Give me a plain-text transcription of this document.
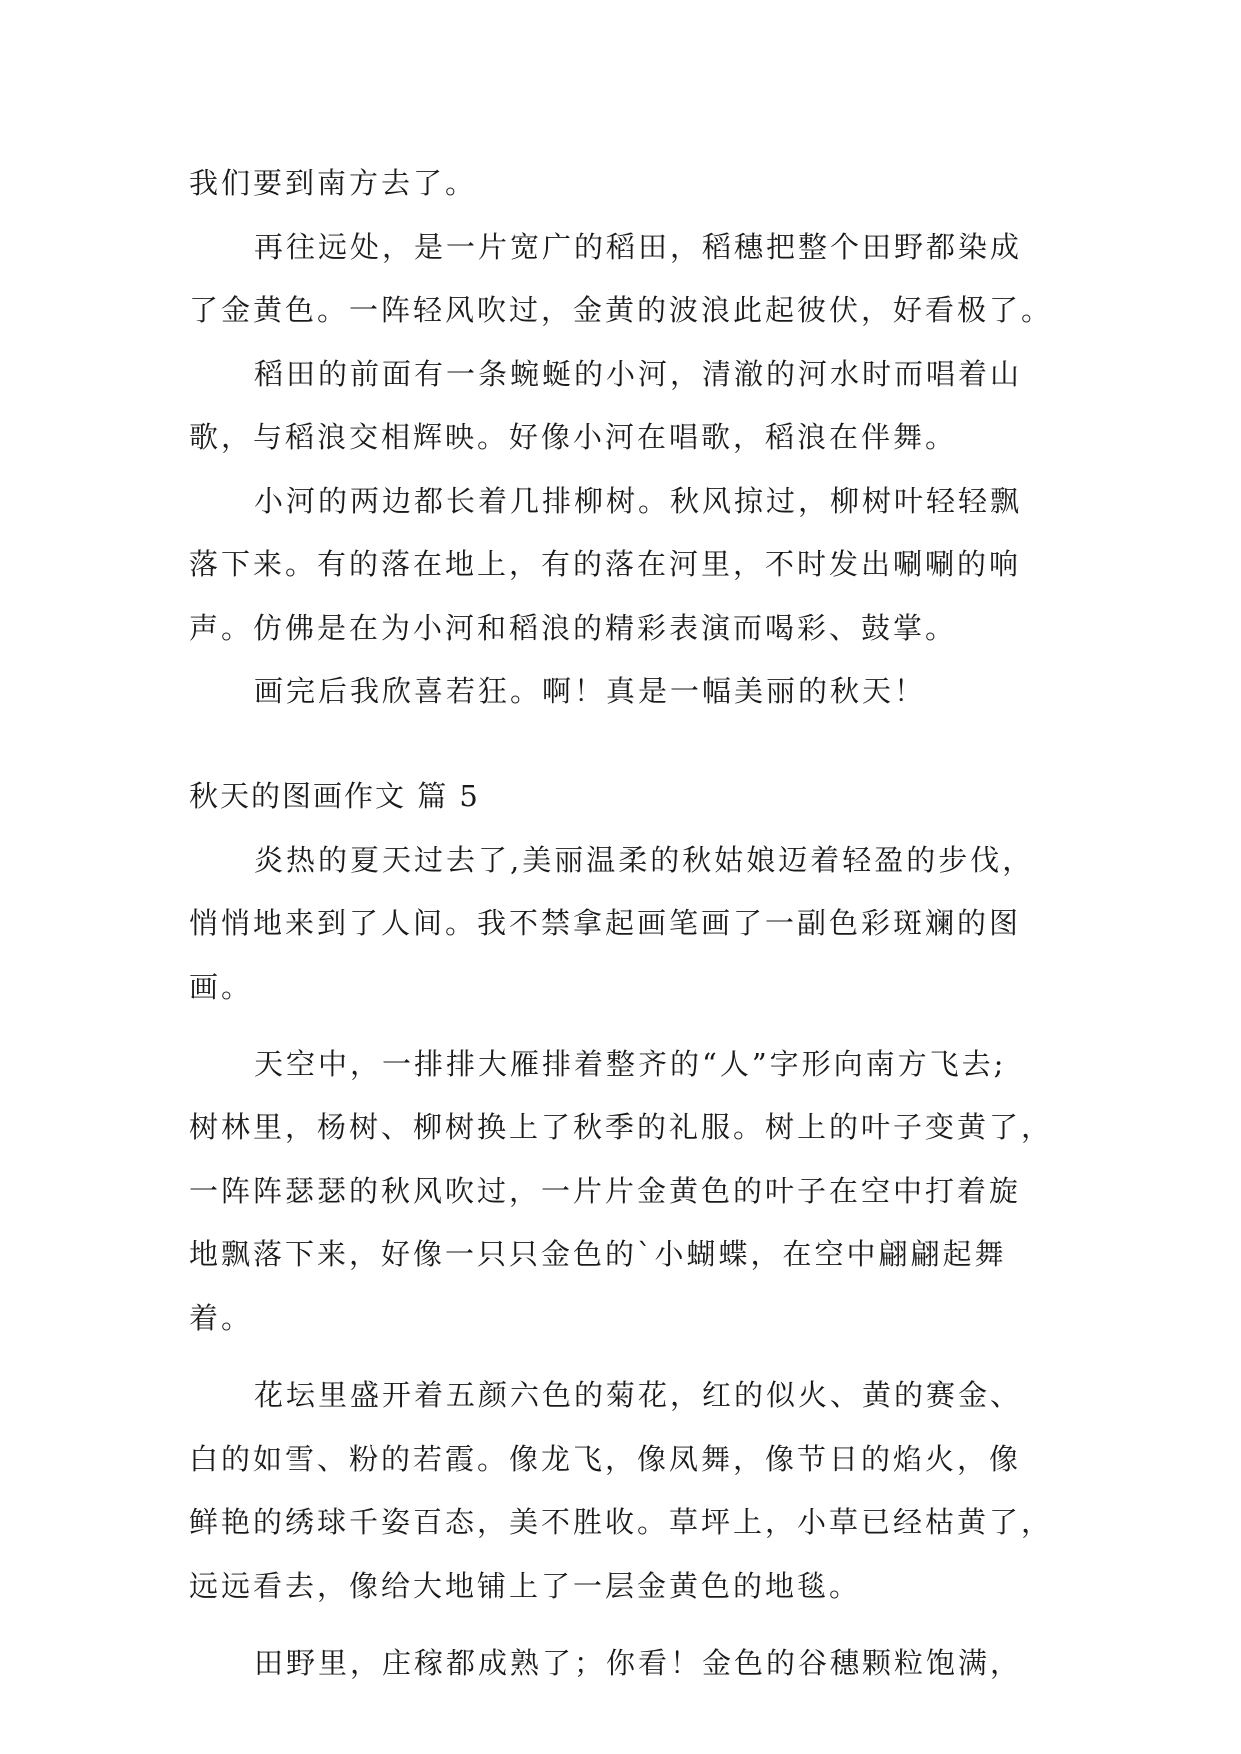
我们要到南方去了。
再往远处，是一片宽广的稻田，稻穗把整个田野都染成
了金黄色。一阵轻风吹过，金黄的波浪此起彼伏，好看极了。
稻田的前面有一条蜿蜒的小河，清澈的河水时而唱着山
歌，与稻浪交相辉映。好像小河在唱歌，稻浪在伴舞。
小河的两边都长着几排柳树。秋风掠过，柳树叶轻轻飘
落下来。有的落在地上，有的落在河里，不时发出唰唰的响
声。仿佛是在为小河和稻浪的精彩表演而喝彩、鼓掌。
画完后我欣喜若狂。啊！真是一幅美丽的秋天！
秋天的图画作文 篇 5
炎热的夏天过去了,美丽温柔的秋姑娘迈着轻盈的步伐，
悄悄地来到了人间。我不禁拿起画笔画了一副色彩斑斓的图
画。
天空中，一排排大雁排着整齐的“人”字形向南方飞去;
树林里，杨树、柳树换上了秋季的礼服。树上的叶子变黄了，
一阵阵瑟瑟的秋风吹过，一片片金黄色的叶子在空中打着旋
地飘落下来，好像一只只金色的`小蝴蝶，在空中翩翩起舞
着。
花坛里盛开着五颜六色的菊花，红的似火、黄的赛金、
白的如雪、粉的若霞。像龙飞，像凤舞，像节日的焰火，像
鲜艳的绣球千姿百态，美不胜收。草坪上，小草已经枯黄了，
远远看去，像给大地铺上了一层金黄色的地毯。
田野里，庄稼都成熟了；你看！金色的谷穗颗粒饱满，
